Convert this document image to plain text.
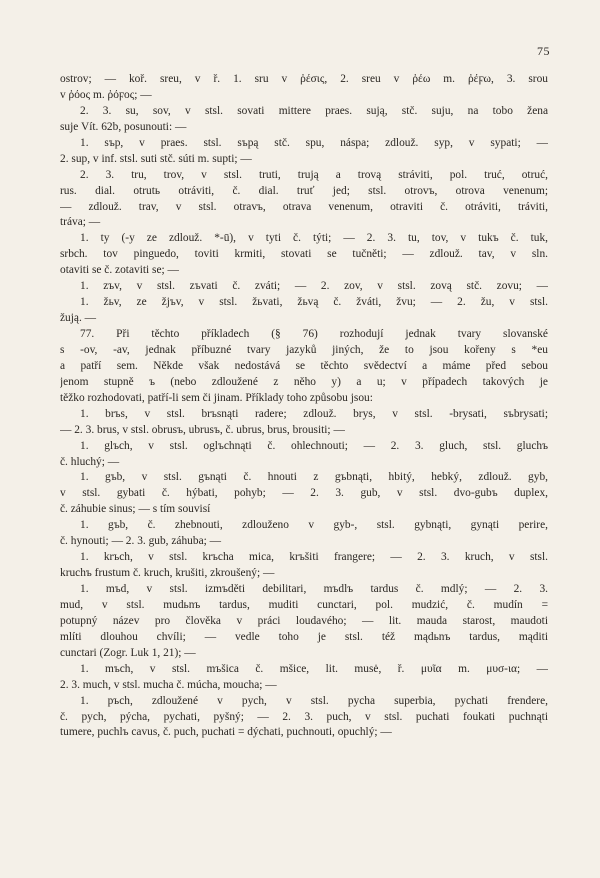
75
ostrov; — koř. sreu, v ř. 1. sru v ῥέσις, 2. sreu v ῥέω m. ῥέϝω, 3. srou
v ῥόος m. ῥόϝος; —
2. 3. su, sov, v stsl. sovati mittere praes. sują, stč. suju, na tobo žena
suje Vít. 62b, posunouti: —
1. sъp, v praes. stsl. sъpą stč. spu, náspa; zdlouž. syp, v sypati; —
2. sup, v inf. stsl. suti stč. súti m. supti; —
2. 3. tru, trov, v stsl. truti, trują a trovą stráviti, pol. truć, otruć,
rus. dial. otrutь otráviti, č. dial. truť jed; stsl. otrovъ, otrova venenum;
— zdlouž. trav, v stsl. otravъ, otrava venenum, otraviti č. otráviti, tráviti,
tráva; —
1. ty (-y ze zdlouž. *-ū), v tyti č. týti; — 2. 3. tu, tov, v tukъ č. tuk,
srbch. tov pinguedo, toviti krmiti, stovati se tučněti; — zdlouž. tav, v sln.
otaviti se č. zotaviti se; —
1. zъv, v stsl. zъvati č. zváti; — 2. zov, v stsl. zovą stč. zovu; —
1. žьv, ze žjъv, v stsl. žьvati, žьvą č. žváti, žvu; — 2. žu, v stsl.
žują. —
77. Při těchto příkladech (§ 76) rozhodují jednak tvary slovanské
s -ov, -av, jednak příbuzné tvary jazyků jiných, že to jsou kořeny s *eu
a patří sem. Někde však nedostává se těchto svědectví a máme před sebou
jenom stupně ъ (nebo zdloužené z něho y) a u; v případech takových je
těžko rozhodovati, patří-li sem či jinam. Příklady toho způsobu jsou:
1. brъs, v stsl. brъsnąti radere; zdlouž. brys, v stsl. -brysati, sъbrysati;
— 2. 3. brus, v stsl. obrusъ, ubrusъ, č. ubrus, brus, brousiti; —
1. glъch, v stsl. oglъchnąti č. ohlechnouti; — 2. 3. gluch, stsl. gluchъ
č. hluchý; —
1. gъb, v stsl. gъnąti č. hnouti z gъbnąti, hbitý, hebký, zdlouž. gyb,
v stsl. gybati č. hýbati, pohyb; — 2. 3. gub, v stsl. dvo-gubъ duplex,
č. záhubie sinus; — s tím souvisí
1. gъb, č. zhebnouti, zdlouženo v gyb-, stsl. gybnąti, gynąti perire,
č. hynouti; — 2. 3. gub, záhuba; —
1. krъch, v stsl. krъcha mica, krъšiti frangere; — 2. 3. kruch, v stsl.
kruchъ frustum č. kruch, krušiti, zkroušený; —
1. mъd, v stsl. izmъděti debilitari, mъdlъ tardus č. mdlý; — 2. 3.
mud, v stsl. mudьnъ tardus, muditi cunctari, pol. mudzić, č. mudín =
potupný název pro člověka v práci loudavého; — lit. mauda starost, maudoti
mlíti dlouhou chvíli; — vedle toho je stsl. též mądьnъ tardus, mąditi
cunctari (Zogr. Luk 1, 21); —
1. mъch, v stsl. mъšica č. mšice, lit. musė, ř. μυῖα m. μυσ-ια; —
2. 3. much, v stsl. mucha č. múcha, moucha; —
1. pъch, zdloužené v pych, v stsl. pycha superbia, pychati frendere,
č. pych, pýcha, pychati, pyšný; — 2. 3. puch, v stsl. puchati foukati puchnąti
tumere, puchlъ cavus, č. puch, puchati = dýchati, puchnouti, opuchlý; —
